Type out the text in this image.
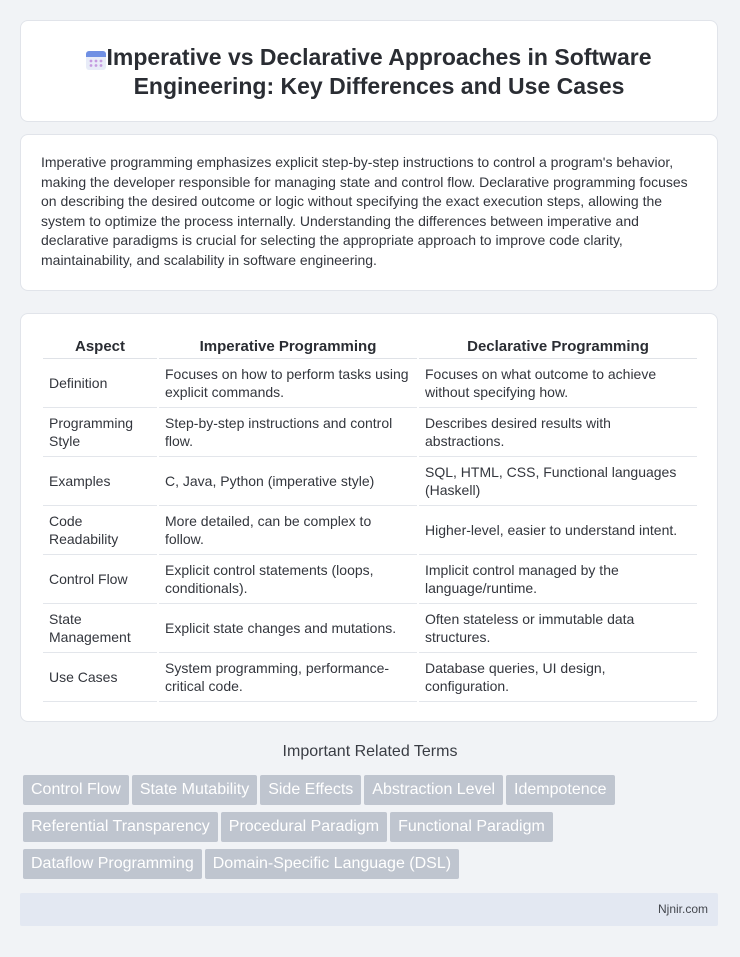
Imperative vs Declarative Approaches in Software Engineering: Key Differences and Use Cases

Imperative programming emphasizes explicit step-by-step instructions to control a program's behavior, making the developer responsible for managing state and control flow. Declarative programming focuses on describing the desired outcome or logic without specifying the exact execution steps, allowing the system to optimize the process internally. Understanding the differences between imperative and declarative paradigms is crucial for selecting the appropriate approach to improve code clarity, maintainability, and scalability in software engineering.

Aspect	Imperative Programming	Declarative Programming
Definition	Focuses on how to perform tasks using explicit commands.	Focuses on what outcome to achieve without specifying how.
Programming Style	Step-by-step instructions and control flow.	Describes desired results with abstractions.
Examples	C, Java, Python (imperative style)	SQL, HTML, CSS, Functional languages (Haskell)
Code Readability	More detailed, can be complex to follow.	Higher-level, easier to understand intent.
Control Flow	Explicit control statements (loops, conditionals).	Implicit control managed by the language/runtime.
State Management	Explicit state changes and mutations.	Often stateless or immutable data structures.
Use Cases	System programming, performance-critical code.	Database queries, UI design, configuration.
Important Related Terms
Control Flow State Mutability Side Effects Abstraction Level Idempotence
Referential Transparency Procedural Paradigm Functional Paradigm
Dataflow Programming Domain-Specific Language (DSL)
Njnir.com
